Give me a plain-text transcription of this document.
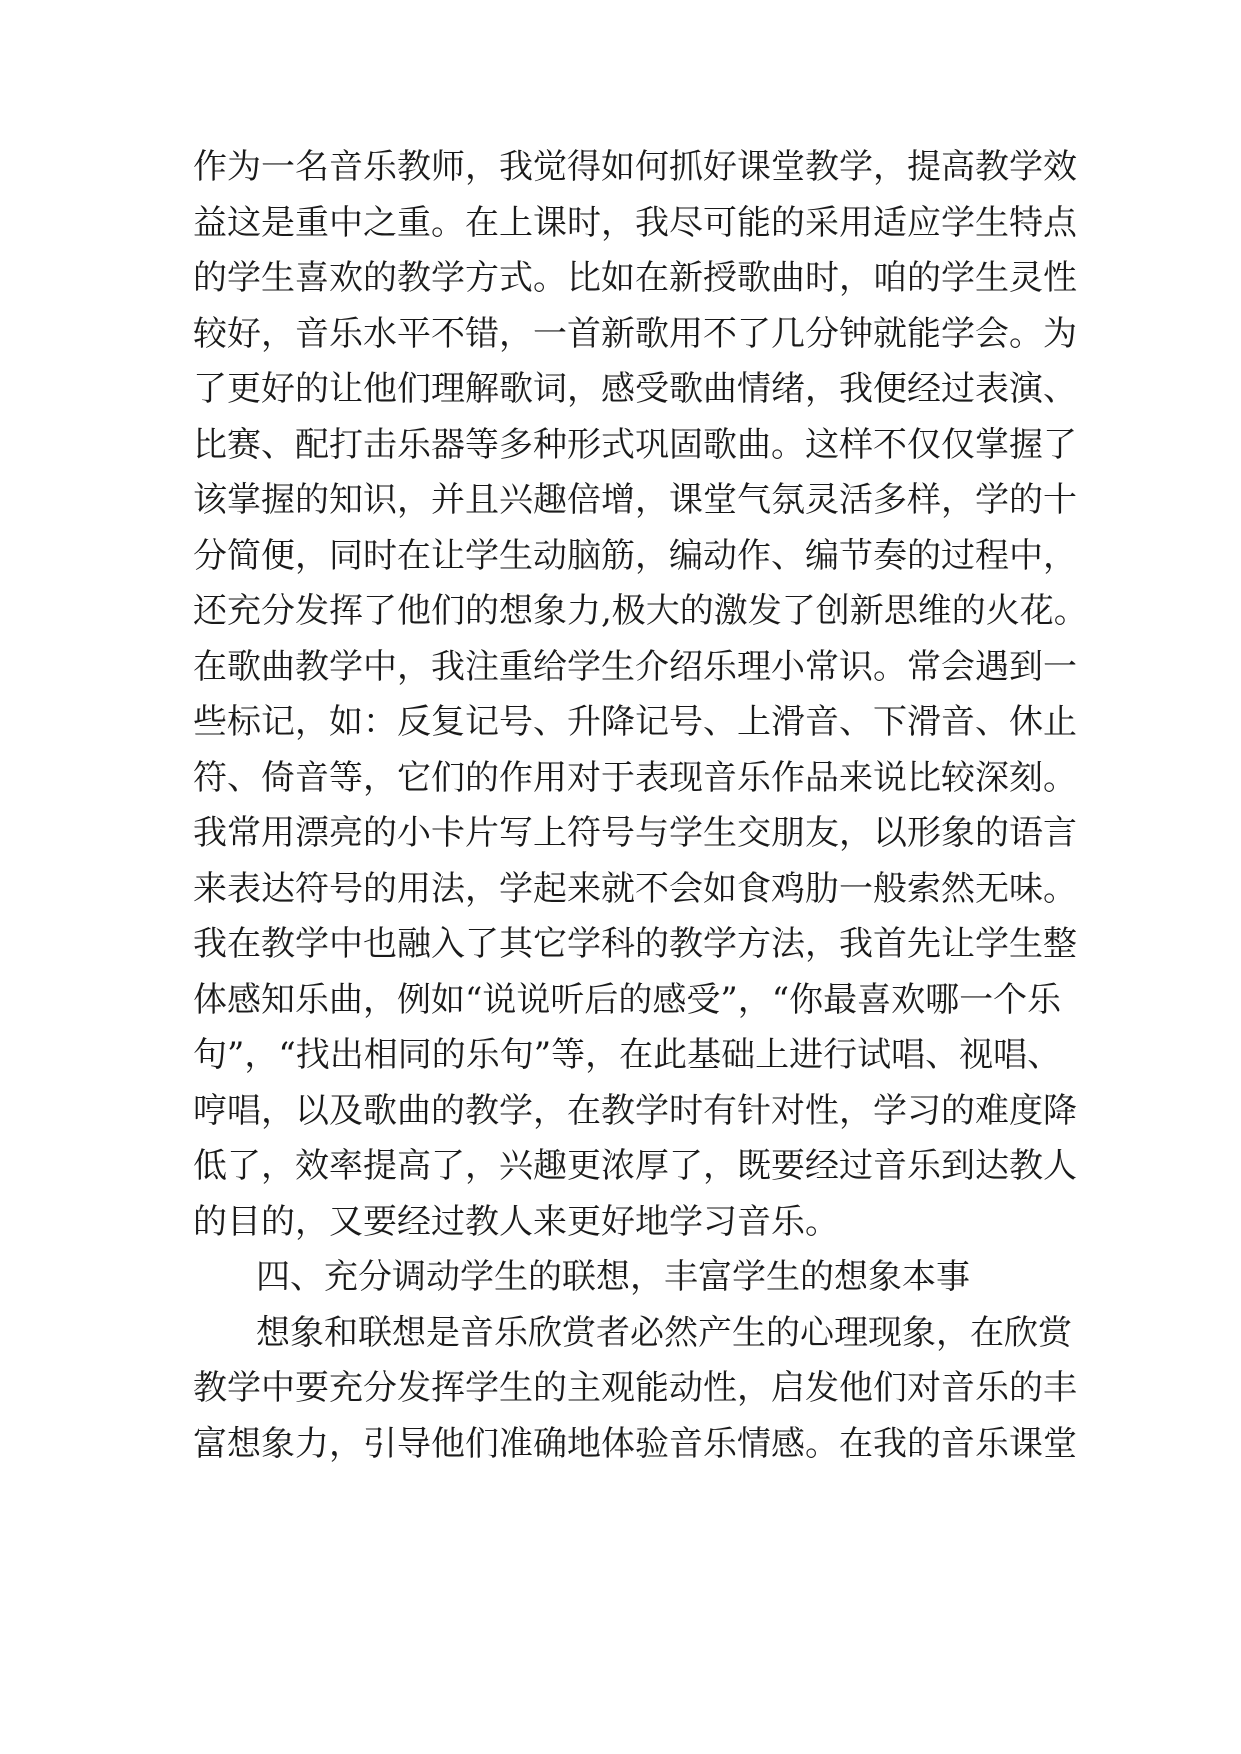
作为一名音乐教师，我觉得如何抓好课堂教学，提高教学效
益这是重中之重。在上课时，我尽可能的采用适应学生特点
的学生喜欢的教学方式。比如在新授歌曲时，咱的学生灵性
较好，音乐水平不错，一首新歌用不了几分钟就能学会。为
了更好的让他们理解歌词，感受歌曲情绪，我便经过表演、
比赛、配打击乐器等多种形式巩固歌曲。这样不仅仅掌握了
该掌握的知识，并且兴趣倍增，课堂气氛灵活多样，学的十
分简便，同时在让学生动脑筋，编动作、编节奏的过程中，
还充分发挥了他们的想象力,极大的激发了创新思维的火花。
在歌曲教学中，我注重给学生介绍乐理小常识。常会遇到一
些标记，如：反复记号、升降记号、上滑音、下滑音、休止
符、倚音等，它们的作用对于表现音乐作品来说比较深刻。
我常用漂亮的小卡片写上符号与学生交朋友，以形象的语言
来表达符号的用法，学起来就不会如食鸡肋一般索然无味。
我在教学中也融入了其它学科的教学方法，我首先让学生整
体感知乐曲，例如“说说听后的感受”，“你最喜欢哪一个乐
句”，“找出相同的乐句”等，在此基础上进行试唱、视唱、
哼唱，以及歌曲的教学，在教学时有针对性，学习的难度降
低了，效率提高了，兴趣更浓厚了，既要经过音乐到达教人
的目的，又要经过教人来更好地学习音乐。
四、充分调动学生的联想，丰富学生的想象本事
想象和联想是音乐欣赏者必然产生的心理现象，在欣赏
教学中要充分发挥学生的主观能动性，启发他们对音乐的丰
富想象力，引导他们准确地体验音乐情感。在我的音乐课堂
